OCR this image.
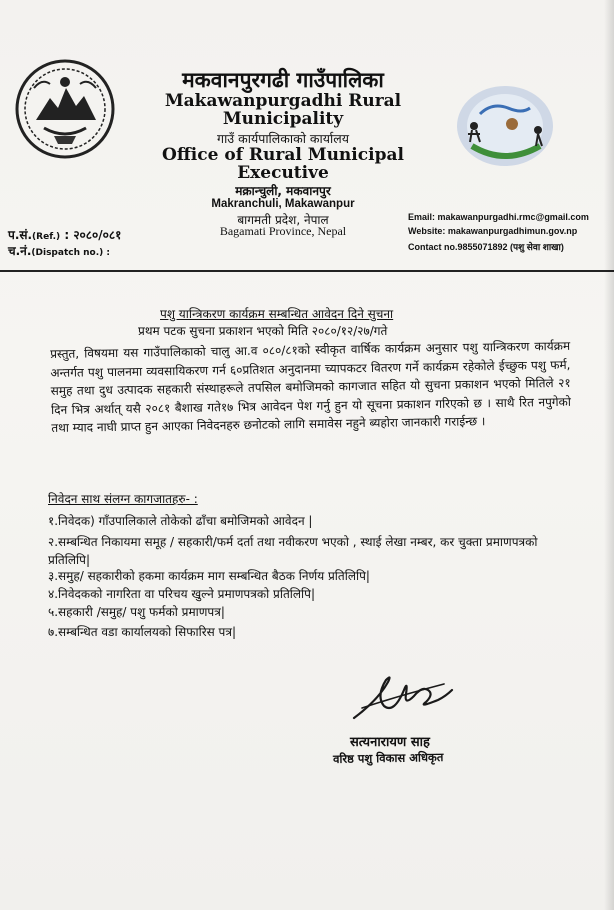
मकवानपुरगढी गाउँपालिका
Makawanpurgadhi Rural Municipality
गाउँ कार्यपालिकाको कार्यालय
Office of Rural Municipal Executive
मक्रान्चुली, मकवानपुर
Makranchuli, Makawanpur
बागमती प्रदेश, नेपाल
Bagamati Province, Nepal
Email: makawanpurgadhi.rmc@gmail.com
Website: makawanpurgadhimun.gov.np
Contact no.9855071892 (पशु सेवा शाखा)
प.सं.(Ref.) : २०८०/०८१
च.नं.(Dispatch no.) :
पशु यान्त्रिकरण कार्यक्रम सम्बन्धित आवेदन दिने सुचना
प्रथम पटक सुचना प्रकाशन भएको मिति २०८०/१२/२७/गते
प्रस्तुत, विषयमा यस गाउँपालिकाको चालु आ.व ०८०/८१को स्वीकृत वार्षिक कार्यक्रम अनुसार पशु यान्त्रिकरण कार्यक्रम अन्तर्गत पशु पालनमा व्यवसायिकरण गर्न ६०प्रतिशत अनुदानमा च्यापकटर वितरण गर्ने कार्यक्रम रहेकोले ईच्छुक पशु फर्म, समुह तथा दुध उत्पादक सहकारी संस्थाहरूले तपसिल बमोजिमको कागजात सहित यो सुचना प्रकाशन भएको मितिले २१ दिन भित्र अर्थात् यसै २०८१ बैशाख गते१७ भित्र आवेदन पेश गर्नु हुन यो सूचना प्रकाशन गरिएको छ । साथै रित नपुगेको तथा म्याद नाघी प्राप्त हुन आएका निवेदनहरु छनोटको लागि समावेस नहुने ब्यहोरा जानकारी गराईन्छ ।
निवेदन साथ संलग्न कागजातहरु- :
१.निवेदक) गाँउपालिकाले तोकेको ढाँचा बमोजिमको आवेदन |
२.सम्बन्धित निकायमा समूह / सहकारी/फर्म दर्ता तथा नवीकरण भएको , स्थाई लेखा नम्बर, कर चुक्ता प्रमाणपत्रको प्रतिलिपि|
३.समुह/ सहकारीको हकमा कार्यक्रम माग सम्बन्धित बैठक निर्णय प्रतिलिपि|
४.निवेदकको नागरिता वा परिचय खुल्ने प्रमाणपत्रको प्रतिलिपि|
५.सहकारी /समुह/ पशु फर्मको प्रमाणपत्र|
७.सम्बन्धित वडा कार्यालयको सिफारिस पत्र|
सत्यनारायण साह
वरिष्ठ पशु विकास अधिकृत
